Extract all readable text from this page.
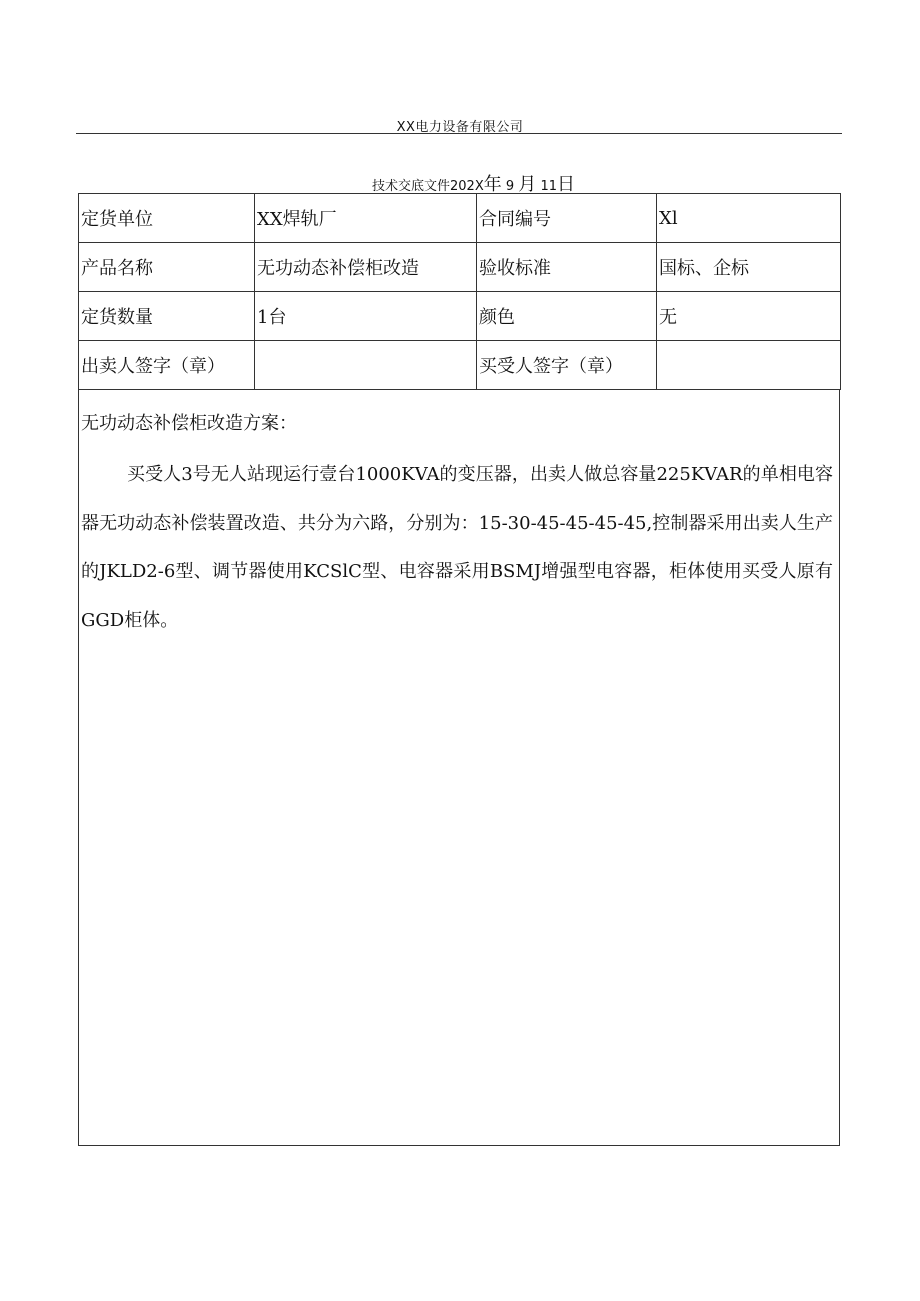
XX电力设备有限公司
技术交底文件202X年 9 月 11日
定货单位	XX焊轨厂	合同编号	Xl
产品名称	无功动态补偿柜改造	验收标准	国标、企标
定货数量	1台	颜色	无
出卖人签字（章）		买受人签字（章）	
无功动态补偿柜改造方案：
买受人3号无人站现运行壹台1000KVA的变压器，出卖人做总容量225KVAR的单相电容器无功动态补偿装置改造、共分为六路，分别为：15-30-45-45-45-45,控制器采用出卖人生产的JKLD2-6型、调节器使用KCSlC型、电容器采用BSMJ增强型电容器，柜体使用买受人原有GGD柜体。
